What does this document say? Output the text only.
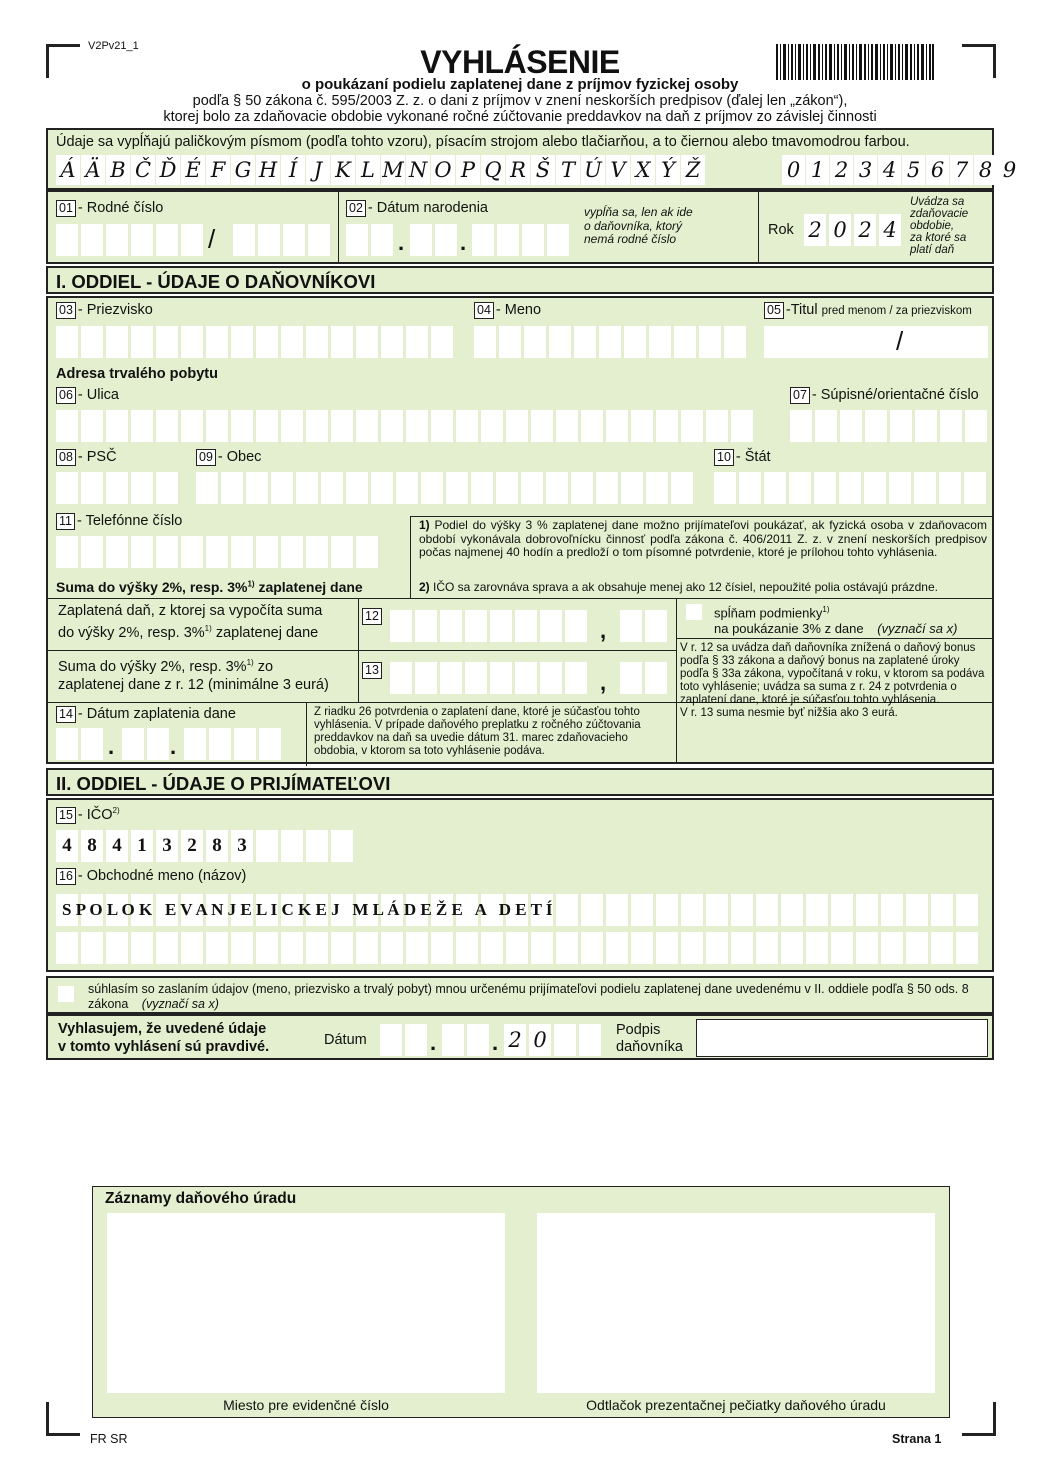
V2Pv21_1	VYHLÁSENIE
o poukázaní podielu zaplatenej dane z príjmov fyzickej osoby
podľa § 50 zákona č. 595/2003 Z. z. o dani z príjmov v znení neskorších predpisov (ďalej len „zákon“),
ktorej bolo za zdaňovacie obdobie vykonané ročné zúčtovanie preddavkov na daň z príjmov zo závislej činnosti
Údaje sa vypĺňajú paličkovým písmom (podľa tohto vzoru), písacím strojom alebo tlačiarňou, a to čiernou alebo tmavomodrou farbou.
Á Ä B Č Ď É F G H Í J K L M N O P Q R Š T Ú V X Ý Ž	0 1 2 3 4 5 6 7 8 9
01 - Rodné číslo
/
02 - Dátum narodenia
.	.
vypĺňa sa, len ak ide
o daňovníka, ktorý
nemá rodné číslo
Rok 2 0 2 4
Uvádza sa
zdaňovacie
obdobie,
za ktoré sa
platí daň
I. ODDIEL - ÚDAJE O DAŇOVNÍKOVI
03 - Priezvisko	04 - Meno	05 -Titul pred menom / za priezviskom
/
Adresa trvalého pobytu
06 - Ulica	07 - Súpisné/orientačné číslo
08 - PSČ	09 - Obec	10 - Štát
11 - Telefónne číslo	1) Podiel do výšky 3 % zaplatenej dane možno prijímateľovi poukázať, ak fyzická osoba v zdaňovacom období vykonávala dobrovoľnícku činnosť podľa zákona č. 406/2011 Z. z. v znení neskorších predpisov počas najmenej 40 hodín a predloží o tom písomné potvrdenie, ktoré je prílohou tohto vyhlásenia.
2) IČO sa zarovnáva sprava a ak obsahuje menej ako 12 čísiel, nepoužité polia ostávajú prázdne.
Suma do výšky 2%, resp. 3%$^{1)}$ zaplatenej dane
Zaplatená daň, z ktorej sa vypočíta suma
do výšky 2%, resp. 3%$^{1)}$ zaplatenej dane
12
,
Suma do výšky 2%, resp. 3%$^{1)}$ zo
zaplatenej dane z r. 12 (minimálne 3 eurá)
13	,
spĺňam podmienky$^{1)}$
na poukázanie 3% z dane (vyznačí sa x)
V r. 12 sa uvádza daň daňovníka znížená o daňový bonus podľa § 33 zákona a daňový bonus na zaplatené úroky podľa § 33a zákona, vypočítaná v roku, v ktorom sa podáva toto vyhlásenie; uvádza sa suma z r. 24 z potvrdenia o zaplatení dane, ktoré je súčasťou tohto vyhlásenia.
V r. 13 suma nesmie byť nižšia ako 3 eurá.
14 - Dátum zaplatenia dane
.	.
Z riadku 26 potvrdenia o zaplatení dane, ktoré je súčasťou tohto vyhlásenia. V prípade daňového preplatku z ročného zúčtovania preddavkov na daň sa uvedie dátum 31. marec zdaňovacieho obdobia, v ktorom sa toto vyhlásenie podáva.
II. ODDIEL - ÚDAJE O PRIJÍMATEĽOVI
15 - IČO$^{2)}$
4 8 4 1 3 2 8 3
16 - Obchodné meno (názov)
S P O L O K   E V A N J E L I C K E J   M L Á D E Ž E   A   D E T Í
súhlasím so zaslaním údajov (meno, priezvisko a trvalý pobyt) mnou určenému prijímateľovi podielu zaplatenej dane uvedenému v II. oddiele podľa § 50 ods. 8 zákona (vyznačí sa x)
Vyhlasujem, že uvedené údaje
v tomto vyhlásení sú pravdivé.	Dátum	.	. 2 0	Podpis
daňovníka
Záznamy daňového úradu
Miesto pre evidenčné číslo	Odtlačok prezentačnej pečiatky daňového úradu
FR SR	Strana 1
